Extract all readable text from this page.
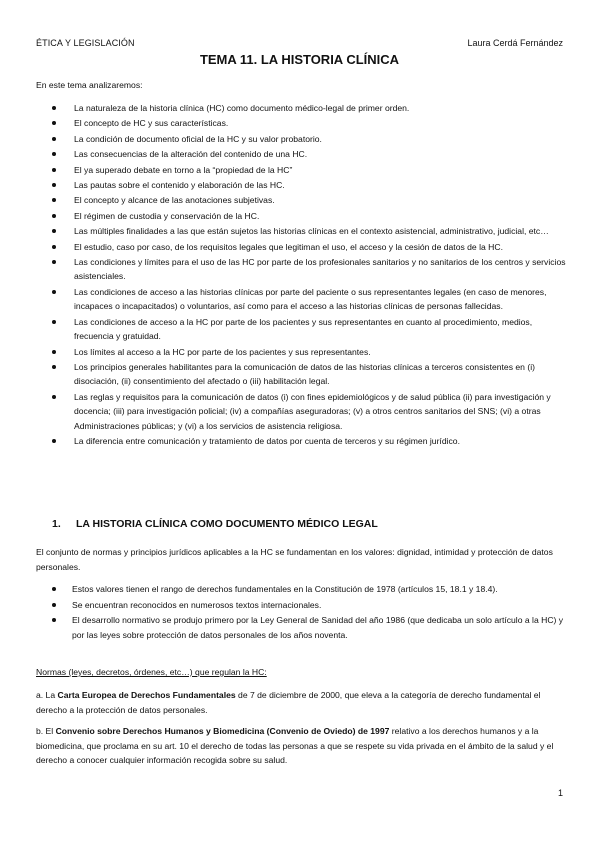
ÉTICA Y LEGISLACIÓN	Laura Cerdá Fernández
TEMA 11. LA HISTORIA CLÍNICA
En este tema analizaremos:
La naturaleza de la historia clínica (HC) como documento médico-legal de primer orden.
El concepto de HC y sus características.
La condición de documento oficial de la HC y su valor probatorio.
Las consecuencias de la alteración del contenido de una HC.
El ya superado debate en torno a la “propiedad de la HC”
Las pautas sobre el contenido y elaboración de las HC.
El concepto y alcance de las anotaciones subjetivas.
El régimen de custodia y conservación de la HC.
Las múltiples finalidades a las que están sujetos las historias clínicas en el contexto asistencial, administrativo, judicial, etc…
El estudio, caso por caso, de los requisitos legales que legitiman el uso, el acceso y la cesión de datos de la HC.
Las condiciones y límites para el uso de las HC por parte de los profesionales sanitarios y no sanitarios de los centros y servicios asistenciales.
Las condiciones de acceso a las historias clínicas por parte del paciente o sus representantes legales (en caso de menores, incapaces o incapacitados) o voluntarios, así como para el acceso a las historias clínicas de personas fallecidas.
Las condiciones de acceso a la HC por parte de los pacientes y sus representantes en cuanto al procedimiento, medios, frecuencia y gratuidad.
Los límites al acceso a la HC por parte de los pacientes y sus representantes.
Los principios generales habilitantes para la comunicación de datos de las historias clínicas a terceros consistentes en (i) disociación, (ii) consentimiento del afectado o (iii) habilitación legal.
Las reglas y requisitos para la comunicación de datos (i) con fines epidemiológicos y de salud pública (ii) para investigación y docencia; (iii) para investigación policial; (iv) a compañías aseguradoras; (v) a otros centros sanitarios del SNS; (vi) a otras Administraciones públicas; y (vi) a los servicios de asistencia religiosa.
La diferencia entre comunicación y tratamiento de datos por cuenta de terceros y su régimen jurídico.
1. LA HISTORIA CLÍNICA COMO DOCUMENTO MÉDICO LEGAL
El conjunto de normas y principios jurídicos aplicables a la HC se fundamentan en los valores: dignidad, intimidad y protección de datos personales.
Estos valores tienen el rango de derechos fundamentales en la Constitución de 1978 (artículos 15, 18.1 y 18.4).
Se encuentran reconocidos en numerosos textos internacionales.
El desarrollo normativo se produjo primero por la Ley General de Sanidad del año 1986 (que dedicaba un solo artículo a la HC) y por las leyes sobre protección de datos personales de los años noventa.
Normas (leyes, decretos, órdenes, etc…) que regulan la HC:
a. La Carta Europea de Derechos Fundamentales de 7 de diciembre de 2000, que eleva a la categoría de derecho fundamental el derecho a la protección de datos personales.
b. El Convenio sobre Derechos Humanos y Biomedicina (Convenio de Oviedo) de 1997 relativo a los derechos humanos y a la biomedicina, que proclama en su art. 10 el derecho de todas las personas a que se respete su vida privada en el ámbito de la salud y el derecho a conocer cualquier información recogida sobre su salud.
1
